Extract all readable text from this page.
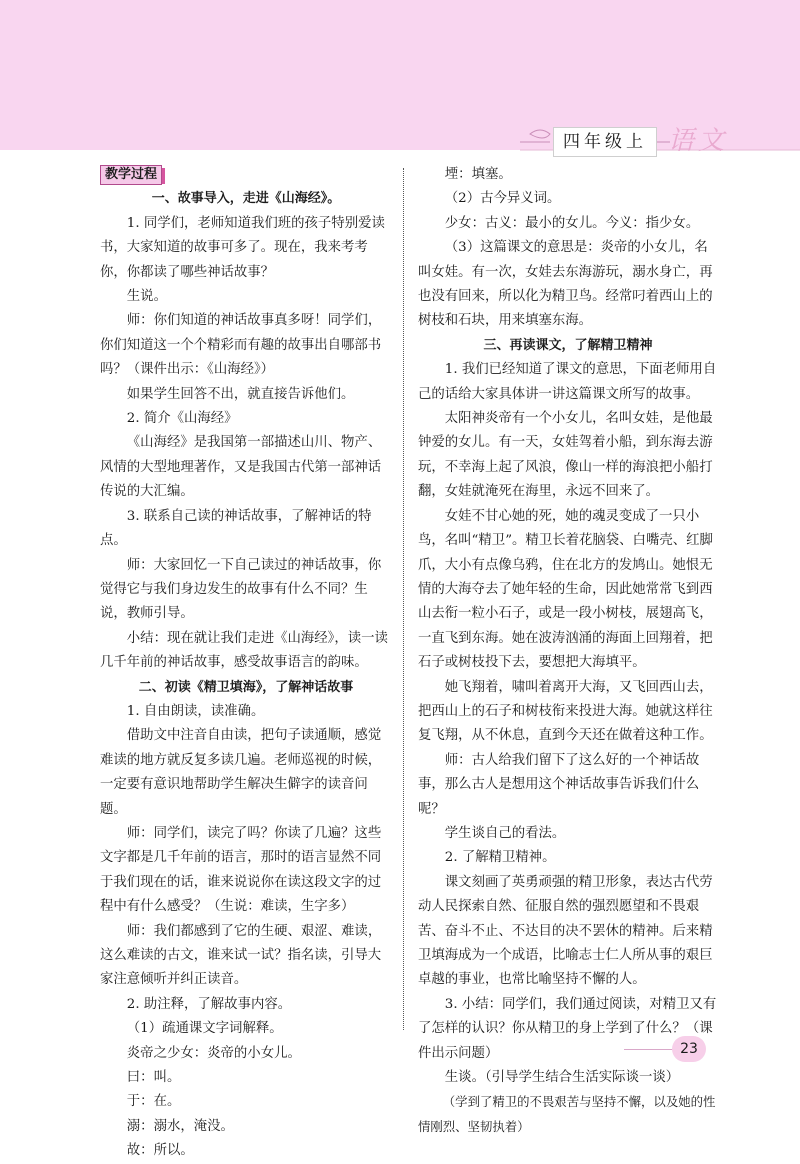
四年级上 语文

教学过程

一、故事导入，走进《山海经》。

1. 同学们，老师知道我们班的孩子特别爱读书，大家知道的故事可多了。现在，我来考考你，你都读了哪些神话故事？

生说。

师：你们知道的神话故事真多呀！同学们，你们知道这一个个精彩而有趣的故事出自哪部书吗？（课件出示：《山海经》）

如果学生回答不出，就直接告诉他们。

2. 简介《山海经》

《山海经》是我国第一部描述山川、物产、风情的大型地理著作，又是我国古代第一部神话传说的大汇编。

3. 联系自己读的神话故事，了解神话的特点。

师：大家回忆一下自己读过的神话故事，你觉得它与我们身边发生的故事有什么不同？生说，教师引导。

小结：现在就让我们走进《山海经》，读一读几千年前的神话故事，感受故事语言的韵味。

二、初读《精卫填海》，了解神话故事

1. 自由朗读，读准确。

借助文中注音自由读，把句子读通顺，感觉难读的地方就反复多读几遍。老师巡视的时候，一定要有意识地帮助学生解决生僻字的读音问题。

师：同学们，读完了吗？你读了几遍？这些文字都是几千年前的语言，那时的语言显然不同于我们现在的话，谁来说说你在读这段文字的过程中有什么感受？（生说：难读，生字多）

师：我们都感到了它的生硬、艰涩、难读，这么难读的古文，谁来试一试？指名读，引导大家注意倾听并纠正读音。

2. 助注释，了解故事内容。

（1）疏通课文字词解释。

炎帝之少女：炎帝的小女儿。

曰：叫。

于：在。

溺：溺水，淹没。

故：所以。

堙：填塞。

（2）古今异义词。

少女：古义：最小的女儿。今义：指少女。

（3）这篇课文的意思是：炎帝的小女儿，名叫女娃。有一次，女娃去东海游玩，溺水身亡，再也没有回来，所以化为精卫鸟。经常叼着西山上的树枝和石块，用来填塞东海。

三、再读课文，了解精卫精神

1. 我们已经知道了课文的意思，下面老师用自己的话给大家具体讲一讲这篇课文所写的故事。

太阳神炎帝有一个小女儿，名叫女娃，是他最钟爱的女儿。有一天，女娃驾着小船，到东海去游玩，不幸海上起了风浪，像山一样的海浪把小船打翻，女娃就淹死在海里，永远不回来了。

女娃不甘心她的死，她的魂灵变成了一只小鸟，名叫“精卫”。精卫长着花脑袋、白嘴壳、红脚爪，大小有点像乌鸦，住在北方的发鸠山。她恨无情的大海夺去了她年轻的生命，因此她常常飞到西山去衔一粒小石子，或是一段小树枝，展翅高飞，一直飞到东海。她在波涛汹涌的海面上回翔着，把石子或树枝投下去，要想把大海填平。

她飞翔着，啸叫着离开大海，又飞回西山去，把西山上的石子和树枝衔来投进大海。她就这样往复飞翔，从不休息，直到今天还在做着这种工作。

师：古人给我们留下了这么好的一个神话故事，那么古人是想用这个神话故事告诉我们什么呢？

学生谈自己的看法。

2. 了解精卫精神。

课文刻画了英勇顽强的精卫形象，表达古代劳动人民探索自然、征服自然的强烈愿望和不畏艰苦、奋斗不止、不达目的决不罢休的精神。后来精卫填海成为一个成语，比喻志士仁人所从事的艰巨卓越的事业，也常比喻坚持不懈的人。

3. 小结：同学们，我们通过阅读，对精卫又有了怎样的认识？你从精卫的身上学到了什么？（课件出示问题）

生谈。（引导学生结合生活实际谈一谈）

（学到了精卫的不畏艰苦与坚持不懈，以及她的性情刚烈、坚韧执着）

23
